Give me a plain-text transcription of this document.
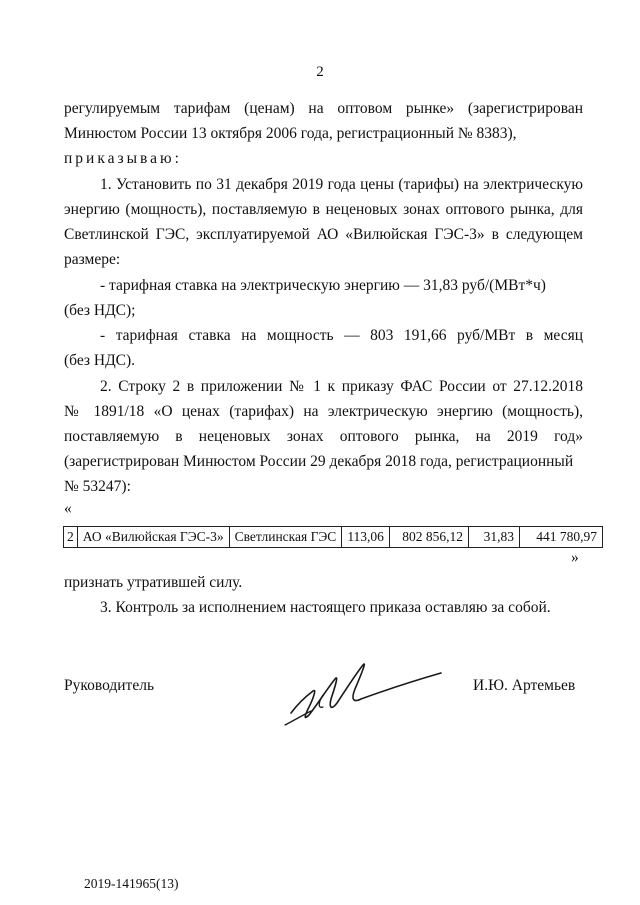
2
регулируемым тарифам (ценам) на оптовом рынке» (зарегистрирован
Минюстом России 13 октября 2006 года, регистрационный № 8383),
приказываю:
1. Установить по 31 декабря 2019 года цены (тарифы) на электрическую
энергию (мощность), поставляемую в неценовых зонах оптового рынка, для
Светлинской ГЭС, эксплуатируемой АО «Вилюйская ГЭС-3» в следующем
размере:
- тарифная ставка на электрическую энергию — 31,83 руб/(МВт*ч)
(без НДС);
- тарифная ставка на мощность — 803 191,66 руб/МВт в месяц
(без НДС).
2. Строку 2 в приложении № 1 к приказу ФАС России от 27.12.2018
№ 1891/18 «О ценах (тарифах) на электрическую энергию (мощность),
поставляемую в неценовых зонах оптового рынка, на 2019 год»
(зарегистрирован Минюстом России 29 декабря 2018 года, регистрационный
№ 53247):
«
2	АО «Вилюйская ГЭС-3»	Светлинская ГЭС	113,06	802 856,12	31,83	441 780,97
»
признать утратившей силу.
3. Контроль за исполнением настоящего приказа оставляю за собой.
Руководитель	И.Ю. Артемьев
2019-141965(13)
